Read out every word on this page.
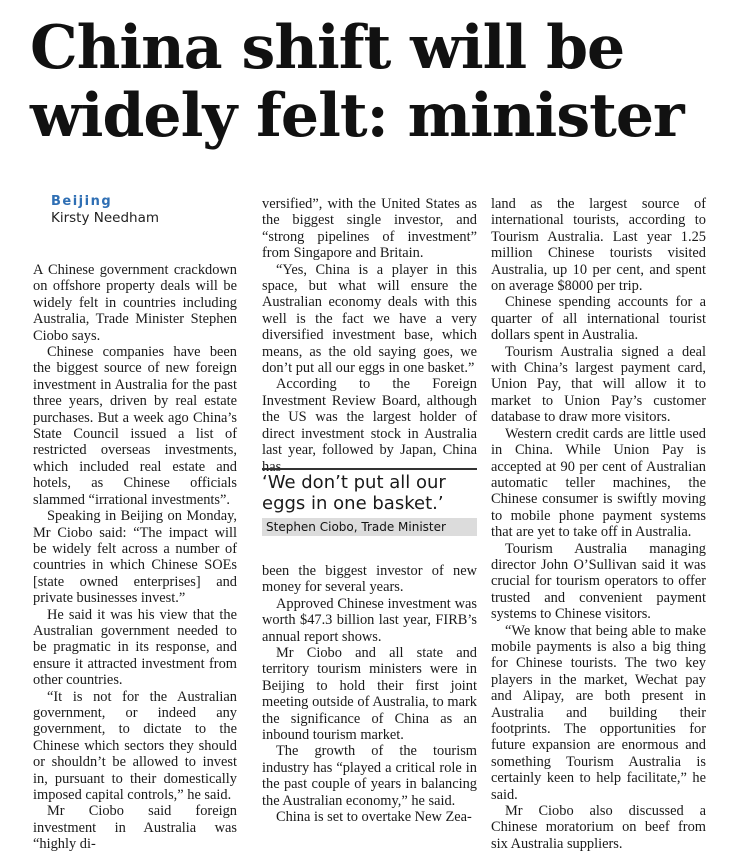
China shift will be widely felt: minister
Beijing
Kirsty Needham

A Chinese government crackdown on offshore property deals will be widely felt in countries including Australia, Trade Minister Stephen Ciobo says.

Chinese companies have been the biggest source of new foreign investment in Australia for the past three years, driven by real estate purchases. But a week ago China’s State Council issued a list of restricted overseas investments, which included real estate and hotels, as Chinese officials slammed “irrational investments”.

Speaking in Beijing on Monday, Mr Ciobo said: “The impact will be widely felt across a number of countries in which Chinese SOEs [state owned enterprises] and private businesses invest.”

He said it was his view that the Australian government needed to be pragmatic in its response, and ensure it attracted investment from other countries.

“It is not for the Australian government, or indeed any government, to dictate to the Chinese which sectors they should or shouldn’t be allowed to invest in, pursuant to their domestically imposed capital controls,” he said.

Mr Ciobo said foreign investment in Australia was “highly di-

versified”, with the United States as the biggest single investor, and “strong pipelines of investment” from Singapore and Britain.

“Yes, China is a player in this space, but what will ensure the Australian economy deals with this well is the fact we have a very diversified investment base, which means, as the old saying goes, we don’t put all our eggs in one basket.”

According to the Foreign Investment Review Board, although the US was the largest holder of direct investment stock in Australia last year, followed by Japan, China has

‘We don’t put all our eggs in one basket.’
Stephen Ciobo, Trade Minister

been the biggest investor of new money for several years.

Approved Chinese investment was worth $47.3 billion last year, FIRB’s annual report shows.

Mr Ciobo and all state and territory tourism ministers were in Beijing to hold their first joint meeting outside of Australia, to mark the significance of China as an inbound tourism market.

The growth of the tourism industry has “played a critical role in the past couple of years in balancing the Australian economy,” he said.

China is set to overtake New Zea-

land as the largest source of international tourists, according to Tourism Australia. Last year 1.25 million Chinese tourists visited Australia, up 10 per cent, and spent on average $8000 per trip.

Chinese spending accounts for a quarter of all international tourist dollars spent in Australia.

Tourism Australia signed a deal with China’s largest payment card, Union Pay, that will allow it to market to Union Pay’s customer database to draw more visitors.

Western credit cards are little used in China. While Union Pay is accepted at 90 per cent of Australian automatic teller machines, the Chinese consumer is swiftly moving to mobile phone payment systems that are yet to take off in Australia.

Tourism Australia managing director John O’Sullivan said it was crucial for tourism operators to offer trusted and convenient payment systems to Chinese visitors.

“We know that being able to make mobile payments is also a big thing for Chinese tourists. The two key players in the market, Wechat pay and Alipay, are both present in Australia and building their footprints. The opportunities for future expansion are enormous and something Tourism Australia is certainly keen to help facilitate,” he said.

Mr Ciobo also discussed a Chinese moratorium on beef from six Australia suppliers.
